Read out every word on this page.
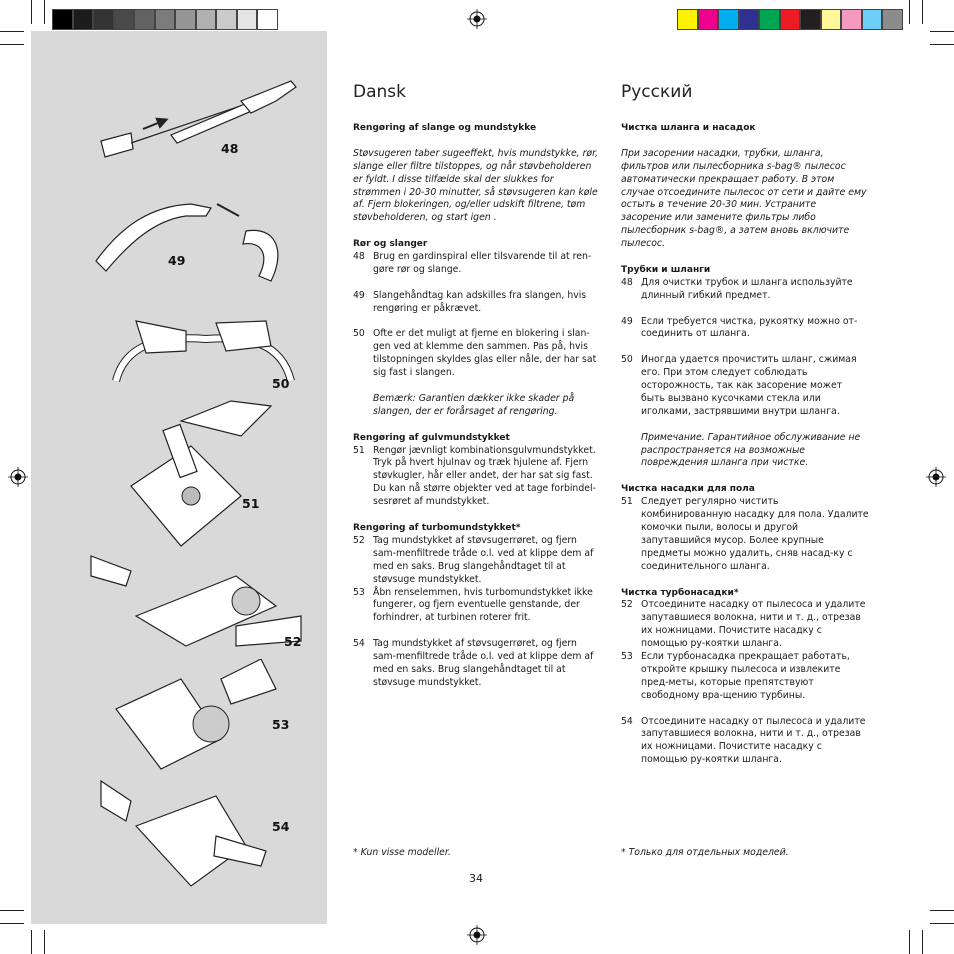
48
49
50
51
52
53
54
Dansk

Rengøring af slange og mundstykke

Støvsugeren taber sugeeffekt, hvis mundstykke, rør, slange eller filtre tilstoppes, og når støvbeholderen er fyldt. I disse tilfælde skal der slukkes for strømmen i 20-30 minutter, så støvsugeren kan køle af. Fjern blokeringen, og/eller udskift filtrene, tøm støvbeholderen, og start igen .

Rør og slanger

48 Brug en gardinspiral eller tilsvarende til at ren-gøre rør og slange.
49 Slangehåndtag kan adskilles fra slangen, hvis rengøring er påkrævet.
50 Ofte er det muligt at fjerne en blokering i slan-gen ved at klemme den sammen. Pas på, hvis tilstopningen skyldes glas eller nåle, der har sat sig fast i slangen.

Bemærk: Garantien dækker ikke skader på slangen, der er forårsaget af rengøring.

Rengøring af gulvmundstykket

51 Rengør jævnligt kombinationsgulvmundstykket. Tryk på hvert hjulnav og træk hjulene af. Fjern støvkugler, hår eller andet, der har sat sig fast. Du kan nå større objekter ved at tage forbindel-sesrøret af mundstykket.

Rengøring af turbomundstykket*

52 Tag mundstykket af støvsugerrøret, og fjern sam-menfiltrede tråde o.l. ved at klippe dem af med en saks. Brug slangehåndtaget til at støvsuge mundstykket.
53 Åbn renselemmen, hvis turbomundstykket ikke fungerer, og fjern eventuelle genstande, der forhindrer, at turbinen roterer frit.
54 Tag mundstykket af støvsugerrøret, og fjern sam-menfiltrede tråde o.l. ved at klippe dem af med en saks. Brug slangehåndtaget til at støvsuge mundstykket.
* Kun visse modeller.
Русский

Чистка шланга и насадок

При засорении насадки, трубки, шланга, фильтров или пылесборника s-bag® пылесос автоматически прекращает работу. В этом случае отсоедините пылесос от сети и дайте ему остыть в течение 20-30 мин. Устраните засорение или замените фильтры либо пылесборник s-bag®, а затем вновь включите пылесос.

Трубки и шланги

48 Для очистки трубок и шланга используйте длинный гибкий предмет.
49 Если требуется чистка, рукоятку можно от-соединить от шланга.
50 Иногда удается прочистить шланг, сжимая его. При этом следует соблюдать осторожность, так как засорение может быть вызвано кусочками стекла или иголками, застрявшими внутри шланга.

Примечание. Гарантийное обслуживание не распространяется на возможные повреждения шланга при чистке.

Чистка насадки для пола

51 Следует регулярно чистить комбинированную насадку для пола. Удалите комочки пыли, волосы и другой запутавшийся мусор. Более крупные предметы можно удалить, сняв насад-ку с соединительного шланга.

Чистка турбонасадки*

52 Отсоедините насадку от пылесоса и удалите запутавшиеся волокна, нити и т. д., отрезав их ножницами. Почистите насадку с помощью ру-коятки шланга.
53 Если турбонасадка прекращает работать, откройте крышку пылесоса и извлеките пред-меты, которые препятствуют свободному вра-щению турбины.
54 Отсоедините насадку от пылесоса и удалите запутавшиеся волокна, нити и т. д., отрезав их ножницами. Почистите насадку с помощью ру-коятки шланга.
* Только для отдельных моделей.
34
